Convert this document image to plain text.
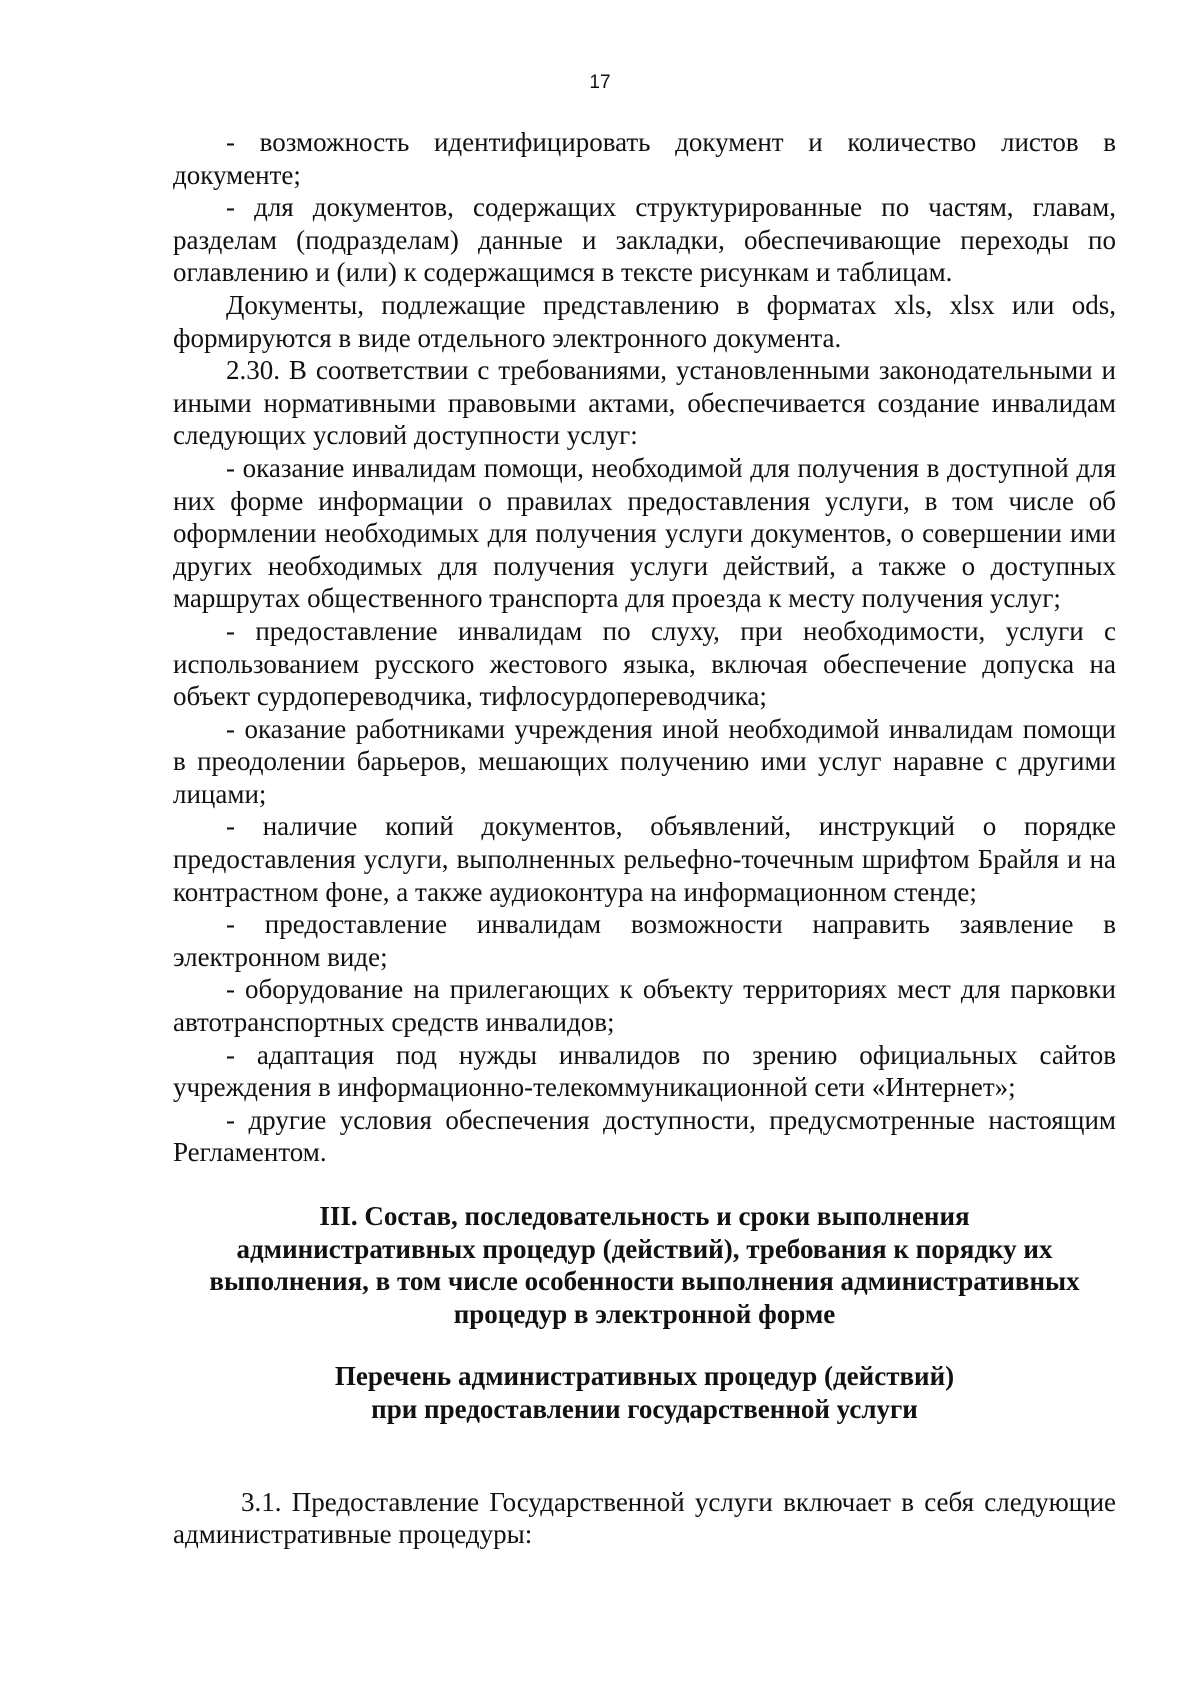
17

- возможность идентифицировать документ и количество листов в документе;

- для документов, содержащих структурированные по частям, главам, разделам (подразделам) данные и закладки, обеспечивающие переходы по оглавлению и (или) к содержащимся в тексте рисункам и таблицам.

Документы, подлежащие представлению в форматах xls, xlsx или ods, формируются в виде отдельного электронного документа.

2.30. В соответствии с требованиями, установленными законодательными и иными нормативными правовыми актами, обеспечивается создание инвалидам следующих условий доступности услуг:

- оказание инвалидам помощи, необходимой для получения в доступной для них форме информации о правилах предоставления услуги, в том числе об оформлении необходимых для получения услуги документов, о совершении ими других необходимых для получения услуги действий, а также о доступных маршрутах общественного транспорта для проезда к месту получения услуг;

- предоставление инвалидам по слуху, при необходимости, услуги с использованием русского жестового языка, включая обеспечение допуска на объект сурдопереводчика, тифлосурдопереводчика;

- оказание работниками учреждения иной необходимой инвалидам помощи в преодолении барьеров, мешающих получению ими услуг наравне с другими лицами;

- наличие копий документов, объявлений, инструкций о порядке предоставления услуги, выполненных рельефно-точечным шрифтом Брайля и на контрастном фоне, а также аудиоконтура на информационном стенде;

- предоставление инвалидам возможности направить заявление в электронном виде;

- оборудование на прилегающих к объекту территориях мест для парковки автотранспортных средств инвалидов;

- адаптация под нужды инвалидов по зрению официальных сайтов учреждения в информационно-телекоммуникационной сети «Интернет»;

- другие условия обеспечения доступности, предусмотренные настоящим Регламентом.

III. Состав, последовательность и сроки выполнения
административных процедур (действий), требования к порядку их
выполнения, в том числе особенности выполнения административных
процедур в электронной форме
Перечень административных процедур (действий)
при предоставлении государственной услуги

3.1. Предоставление Государственной услуги включает в себя следующие административные процедуры:
